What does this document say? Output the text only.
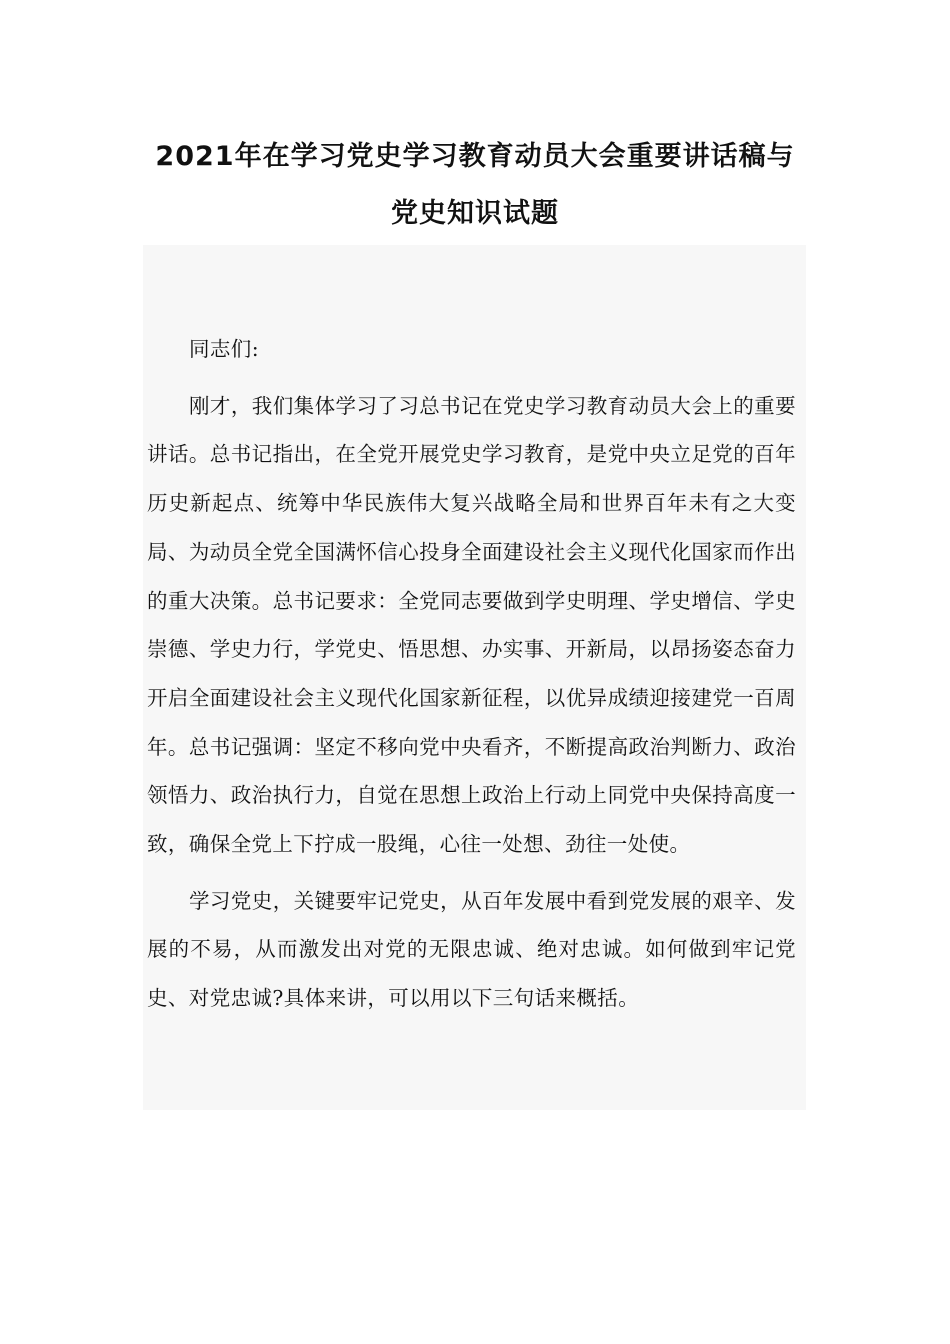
2021年在学习党史学习教育动员大会重要讲话稿与
党史知识试题

同志们:

刚才，我们集体学习了习总书记在党史学习教育动员大会上的重要讲话。总书记指出，在全党开展党史学习教育，是党中央立足党的百年历史新起点、统筹中华民族伟大复兴战略全局和世界百年未有之大变局、为动员全党全国满怀信心投身全面建设社会主义现代化国家而作出的重大决策。总书记要求：全党同志要做到学史明理、学史增信、学史崇德、学史力行，学党史、悟思想、办实事、开新局，以昂扬姿态奋力开启全面建设社会主义现代化国家新征程，以优异成绩迎接建党一百周年。总书记强调：坚定不移向党中央看齐，不断提高政治判断力、政治领悟力、政治执行力，自觉在思想上政治上行动上同党中央保持高度一致，确保全党上下拧成一股绳，心往一处想、劲往一处使。

学习党史，关键要牢记党史，从百年发展中看到党发展的艰辛、发展的不易，从而激发出对党的无限忠诚、绝对忠诚。如何做到牢记党史、对党忠诚?具体来讲，可以用以下三句话来概括。
